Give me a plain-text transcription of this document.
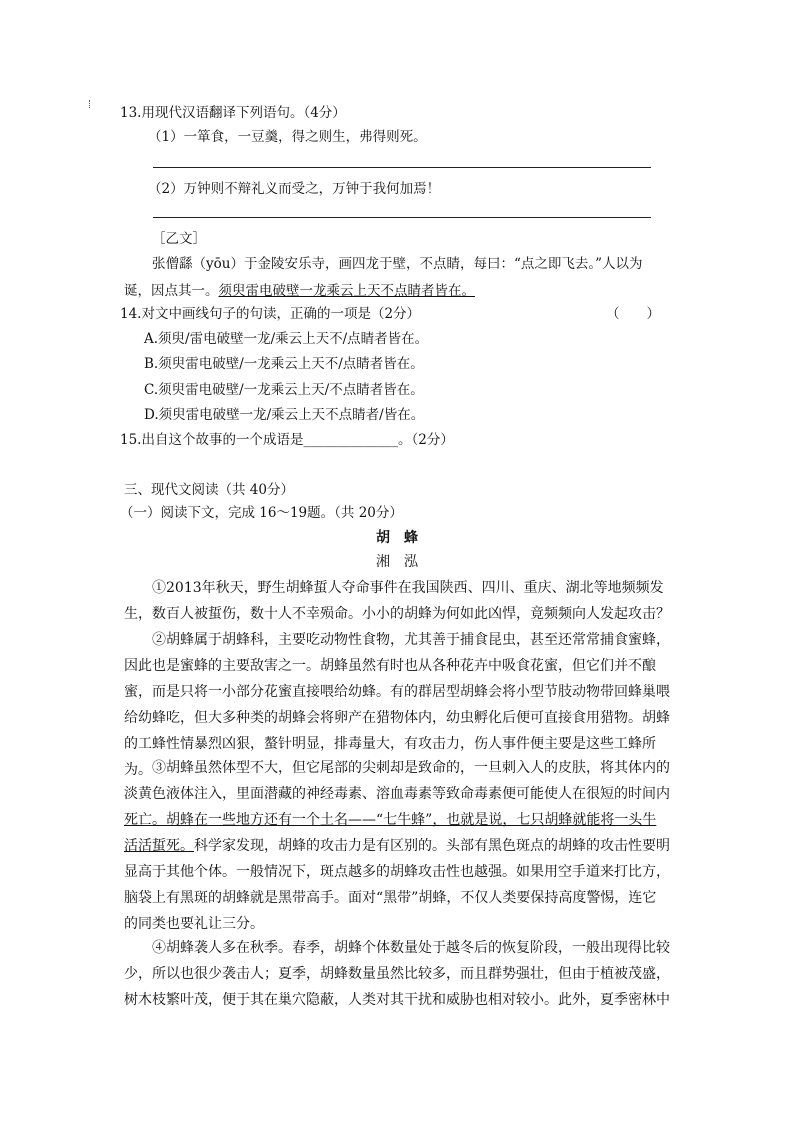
13.用现代汉语翻译下列语句。（4分）
（1）一箪食，一豆羹，得之则生，弗得则死。
（2）万钟则不辩礼义而受之，万钟于我何加焉！
［乙文］
张僧繇（yōu）于金陵安乐寺，画四龙于壁，不点睛，每曰：“点之即飞去。”人以为
诞，因点其一。须臾雷电破壁一龙乘云上天不点睛者皆在。
14.对文中画线句子的句读，正确的一项是（2分）	（　　）
A.须臾/雷电破壁一龙/乘云上天不/点睛者皆在。
B.须臾雷电破壁/一龙乘云上天不/点睛者皆在。
C.须臾雷电破壁/一龙乘云上天/不点睛者皆在。
D.须臾雷电破壁一龙/乘云上天不点睛者/皆在。
15.出自这个故事的一个成语是______________。（2分）
三、现代文阅读（共 40分）
（一）阅读下文，完成 16～19题。（共 20分）
胡　蜂
湘　泓
①2013年秋天，野生胡蜂蜇人夺命事件在我国陕西、四川、重庆、湖北等地频频发生，数百人被蜇伤，数十人不幸殒命。小小的胡蜂为何如此凶悍，竟频频向人发起攻击？
②胡蜂属于胡蜂科，主要吃动物性食物，尤其善于捕食昆虫，甚至还常常捕食蜜蜂，因此也是蜜蜂的主要敌害之一。胡蜂虽然有时也从各种花卉中吸食花蜜，但它们并不酿蜜，而是只将一小部分花蜜直接喂给幼蜂。有的群居型胡蜂会将小型节肢动物带回蜂巢喂给幼蜂吃，但大多种类的胡蜂会将卵产在猎物体内，幼虫孵化后便可直接食用猎物。胡蜂的工蜂性情暴烈凶狠，螯针明显，排毒量大，有攻击力，伤人事件便主要是这些工蜂所为。 ③胡蜂虽然体型不大，但它尾部的尖刺却是致命的，一旦刺入人的皮肤，将其体内的淡黄色液体注入，里面潜藏的神经毒素、溶血毒素等致命毒素便可能使人在很短的时间内死亡。胡蜂在一些地方还有一个土名——“七牛蜂”，也就是说，七只胡蜂就能将一头牛活活蜇死。科学家发现，胡蜂的攻击力是有区别的。头部有黑色斑点的胡蜂的攻击性要明显高于其他个体。一般情况下，斑点越多的胡蜂攻击性也越强。如果用空手道来打比方，脑袋上有黑斑的胡蜂就是黑带高手。面对“黑带”胡蜂，不仅人类要保持高度警惕，连它的同类也要礼让三分。
④胡蜂袭人多在秋季。春季，胡蜂个体数量处于越冬后的恢复阶段，一般出现得比较少，所以也很少袭击人；夏季，胡蜂数量虽然比较多，而且群势强壮，但由于植被茂盛，树木枝繁叶茂，便于其在巢穴隐蔽，人类对其干扰和威胁也相对较小。此外，夏季密林中
